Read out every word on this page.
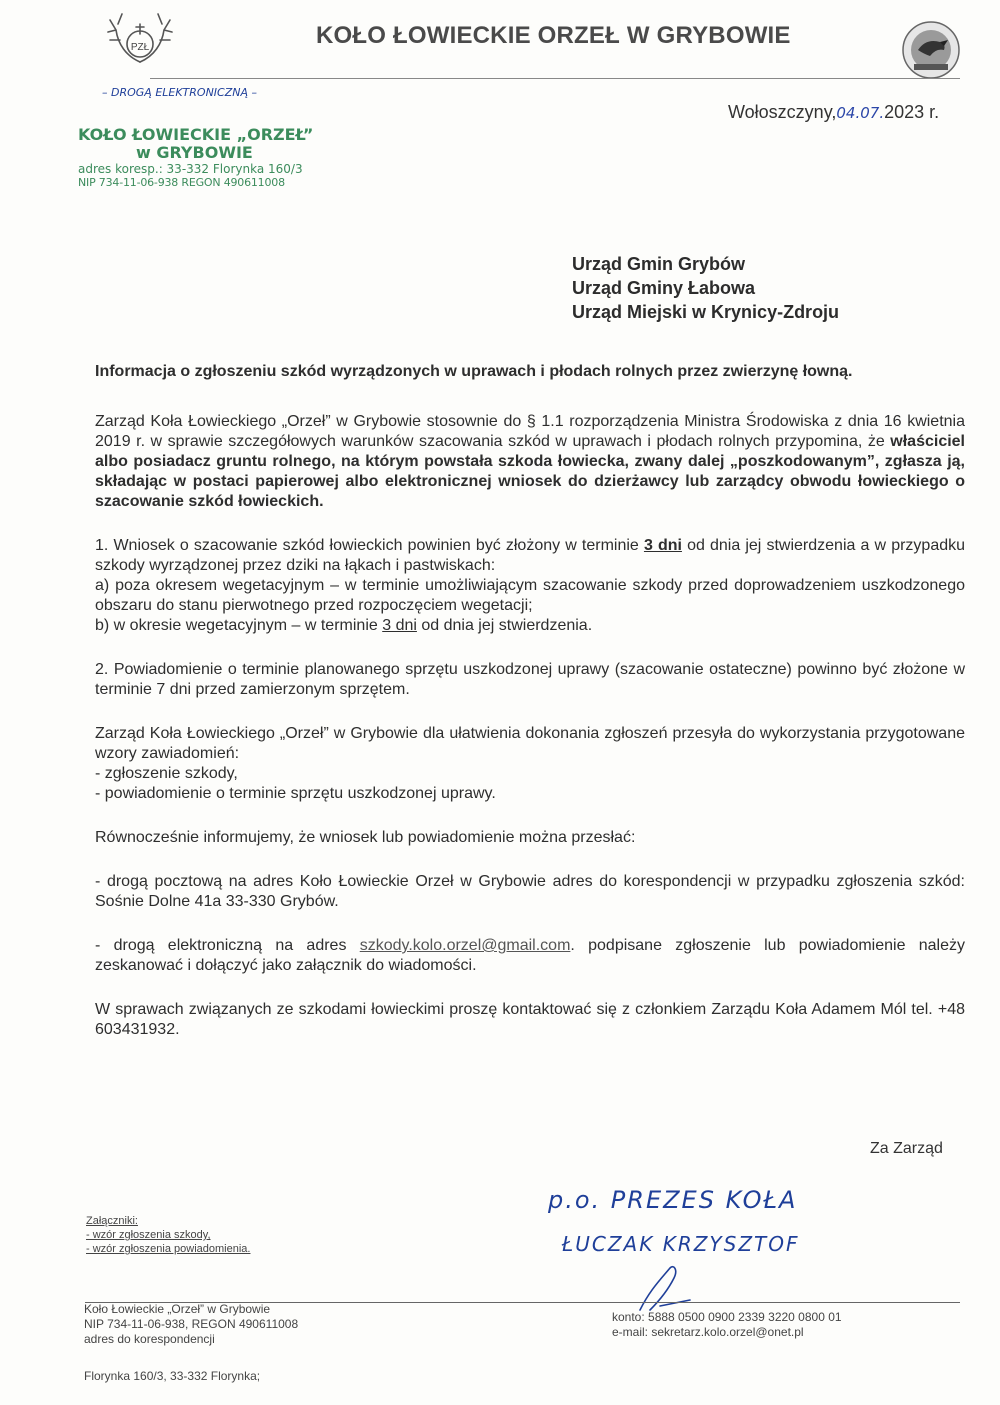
PZŁ	KOŁO ŁOWIECKIE ORZEŁ W GRYBOWIE
– DROGĄ ELEKTRONICZNĄ –
Wołoszczyny,04.07.2023 r.
KOŁO ŁOWIECKIE „ORZEŁ”
w GRYBOWIE
adres koresp.: 33-332 Florynka 160/3
NIP 734-11-06-938 REGON 490611008
Urząd Gmin Grybów
Urząd Gminy Łabowa
Urząd Miejski w Krynicy-Zdroju

Informacja o zgłoszeniu szkód wyrządzonych w uprawach i płodach rolnych przez zwierzynę łowną.

Zarząd Koła Łowieckiego „Orzeł” w Grybowie stosownie do § 1.1 rozporządzenia Ministra Środowiska z dnia 16 kwietnia 2019 r. w sprawie szczegółowych warunków szacowania szkód w uprawach i płodach rolnych przypomina, że właściciel albo posiadacz gruntu rolnego, na którym powstała szkoda łowiecka, zwany dalej „poszkodowanym”, zgłasza ją, składając w postaci papierowej albo elektronicznej wniosek do dzierżawcy lub zarządcy obwodu łowieckiego o szacowanie szkód łowieckich.

1. Wniosek o szacowanie szkód łowieckich powinien być złożony w terminie 3 dni od dnia jej stwierdzenia a w przypadku szkody wyrządzonej przez dziki na łąkach i pastwiskach:

a) poza okresem wegetacyjnym – w terminie umożliwiającym szacowanie szkody przed doprowadzeniem uszkodzonego obszaru do stanu pierwotnego przed rozpoczęciem wegetacji;

b) w okresie wegetacyjnym – w terminie 3 dni od dnia jej stwierdzenia.

2. Powiadomienie o terminie planowanego sprzętu uszkodzonej uprawy (szacowanie ostateczne) powinno być złożone w terminie 7 dni przed zamierzonym sprzętem.

Zarząd Koła Łowieckiego „Orzeł” w Grybowie dla ułatwienia dokonania zgłoszeń przesyła do wykorzystania przygotowane wzory zawiadomień:

- zgłoszenie szkody,

- powiadomienie o terminie sprzętu uszkodzonej uprawy.

Równocześnie informujemy, że wniosek lub powiadomienie można przesłać:

- drogą pocztową na adres Koło Łowieckie Orzeł w Grybowie adres do korespondencji w przypadku zgłoszenia szkód: Sośnie Dolne 41a 33-330 Grybów.

- drogą elektroniczną na adres szkody.kolo.orzel@gmail.com. podpisane zgłoszenie lub powiadomienie należy zeskanować i dołączyć jako załącznik do wiadomości.

W sprawach związanych ze szkodami łowieckimi proszę kontaktować się z członkiem Zarządu Koła Adamem Mól tel. +48 603431932.

Za Zarząd
p.o. PREZES KOŁA
ŁUCZAK KRZYSZTOF
Załączniki:
- wzór zgłoszenia szkody,
- wzór zgłoszenia powiadomienia.
Koło Łowieckie „Orzeł” w Grybowie
NIP 734-11-06-938, REGON 490611008
adres do korespondencji
Florynka 160/3, 33-332 Florynka;
konto: 5888 0500 0900 2339 3220 0800 01
e-mail: sekretarz.kolo.orzel@onet.pl
